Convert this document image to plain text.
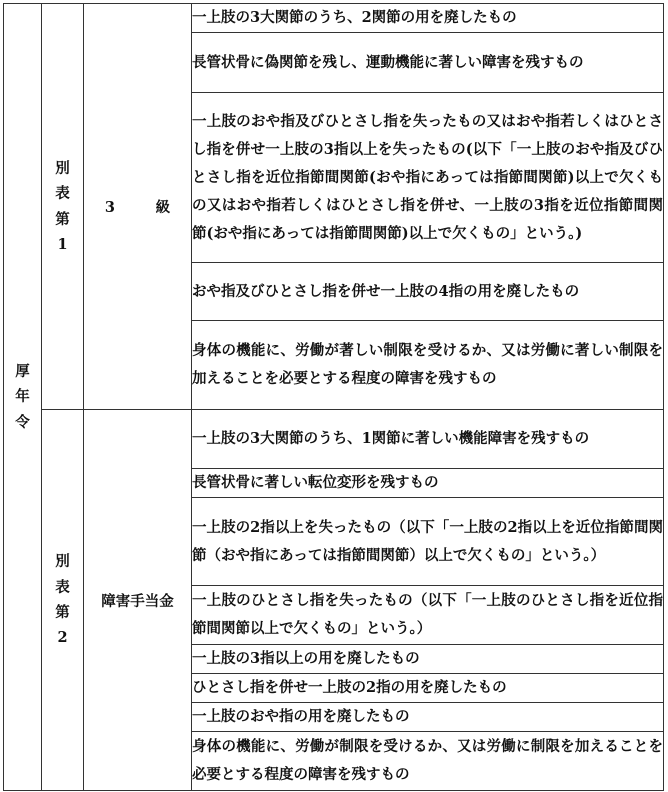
厚年令	別表第1	3　級	一上肢の3大関節のうち、2関節の用を廃したもの

			長管状骨に偽関節を残し、運動機能に著しい障害を残すもの

			一上肢のおや指及びひとさし指を失ったもの又はおや指若しくはひとさし指を併せ一上肢の3指以上を失ったもの(以下「一上肢のおや指及びひとさし指を近位指節間関節(おや指にあっては指節間関節)以上で欠くもの又はおや指若しくはひとさし指を併せ、一上肢の3指を近位指節間関節(おや指にあっては指節間関節)以上で欠くもの」という。)

			おや指及びひとさし指を併せ一上肢の4指の用を廃したもの

			身体の機能に、労働が著しい制限を受けるか、又は労働に著しい制限を加えることを必要とする程度の障害を残すもの

	別表第2	障害手当金	一上肢の3大関節のうち、1関節に著しい機能障害を残すもの

			長管状骨に著しい転位変形を残すもの

			一上肢の2指以上を失ったもの（以下「一上肢の2指以上を近位指節間関節（おや指にあっては指節間関節）以上で欠くもの」という。）

			一上肢のひとさし指を失ったもの（以下「一上肢のひとさし指を近位指節間関節以上で欠くもの」という。）

			一上肢の3指以上の用を廃したもの

			ひとさし指を併せ一上肢の2指の用を廃したもの

			一上肢のおや指の用を廃したもの

			身体の機能に、労働が制限を受けるか、又は労働に制限を加えることを必要とする程度の障害を残すもの
